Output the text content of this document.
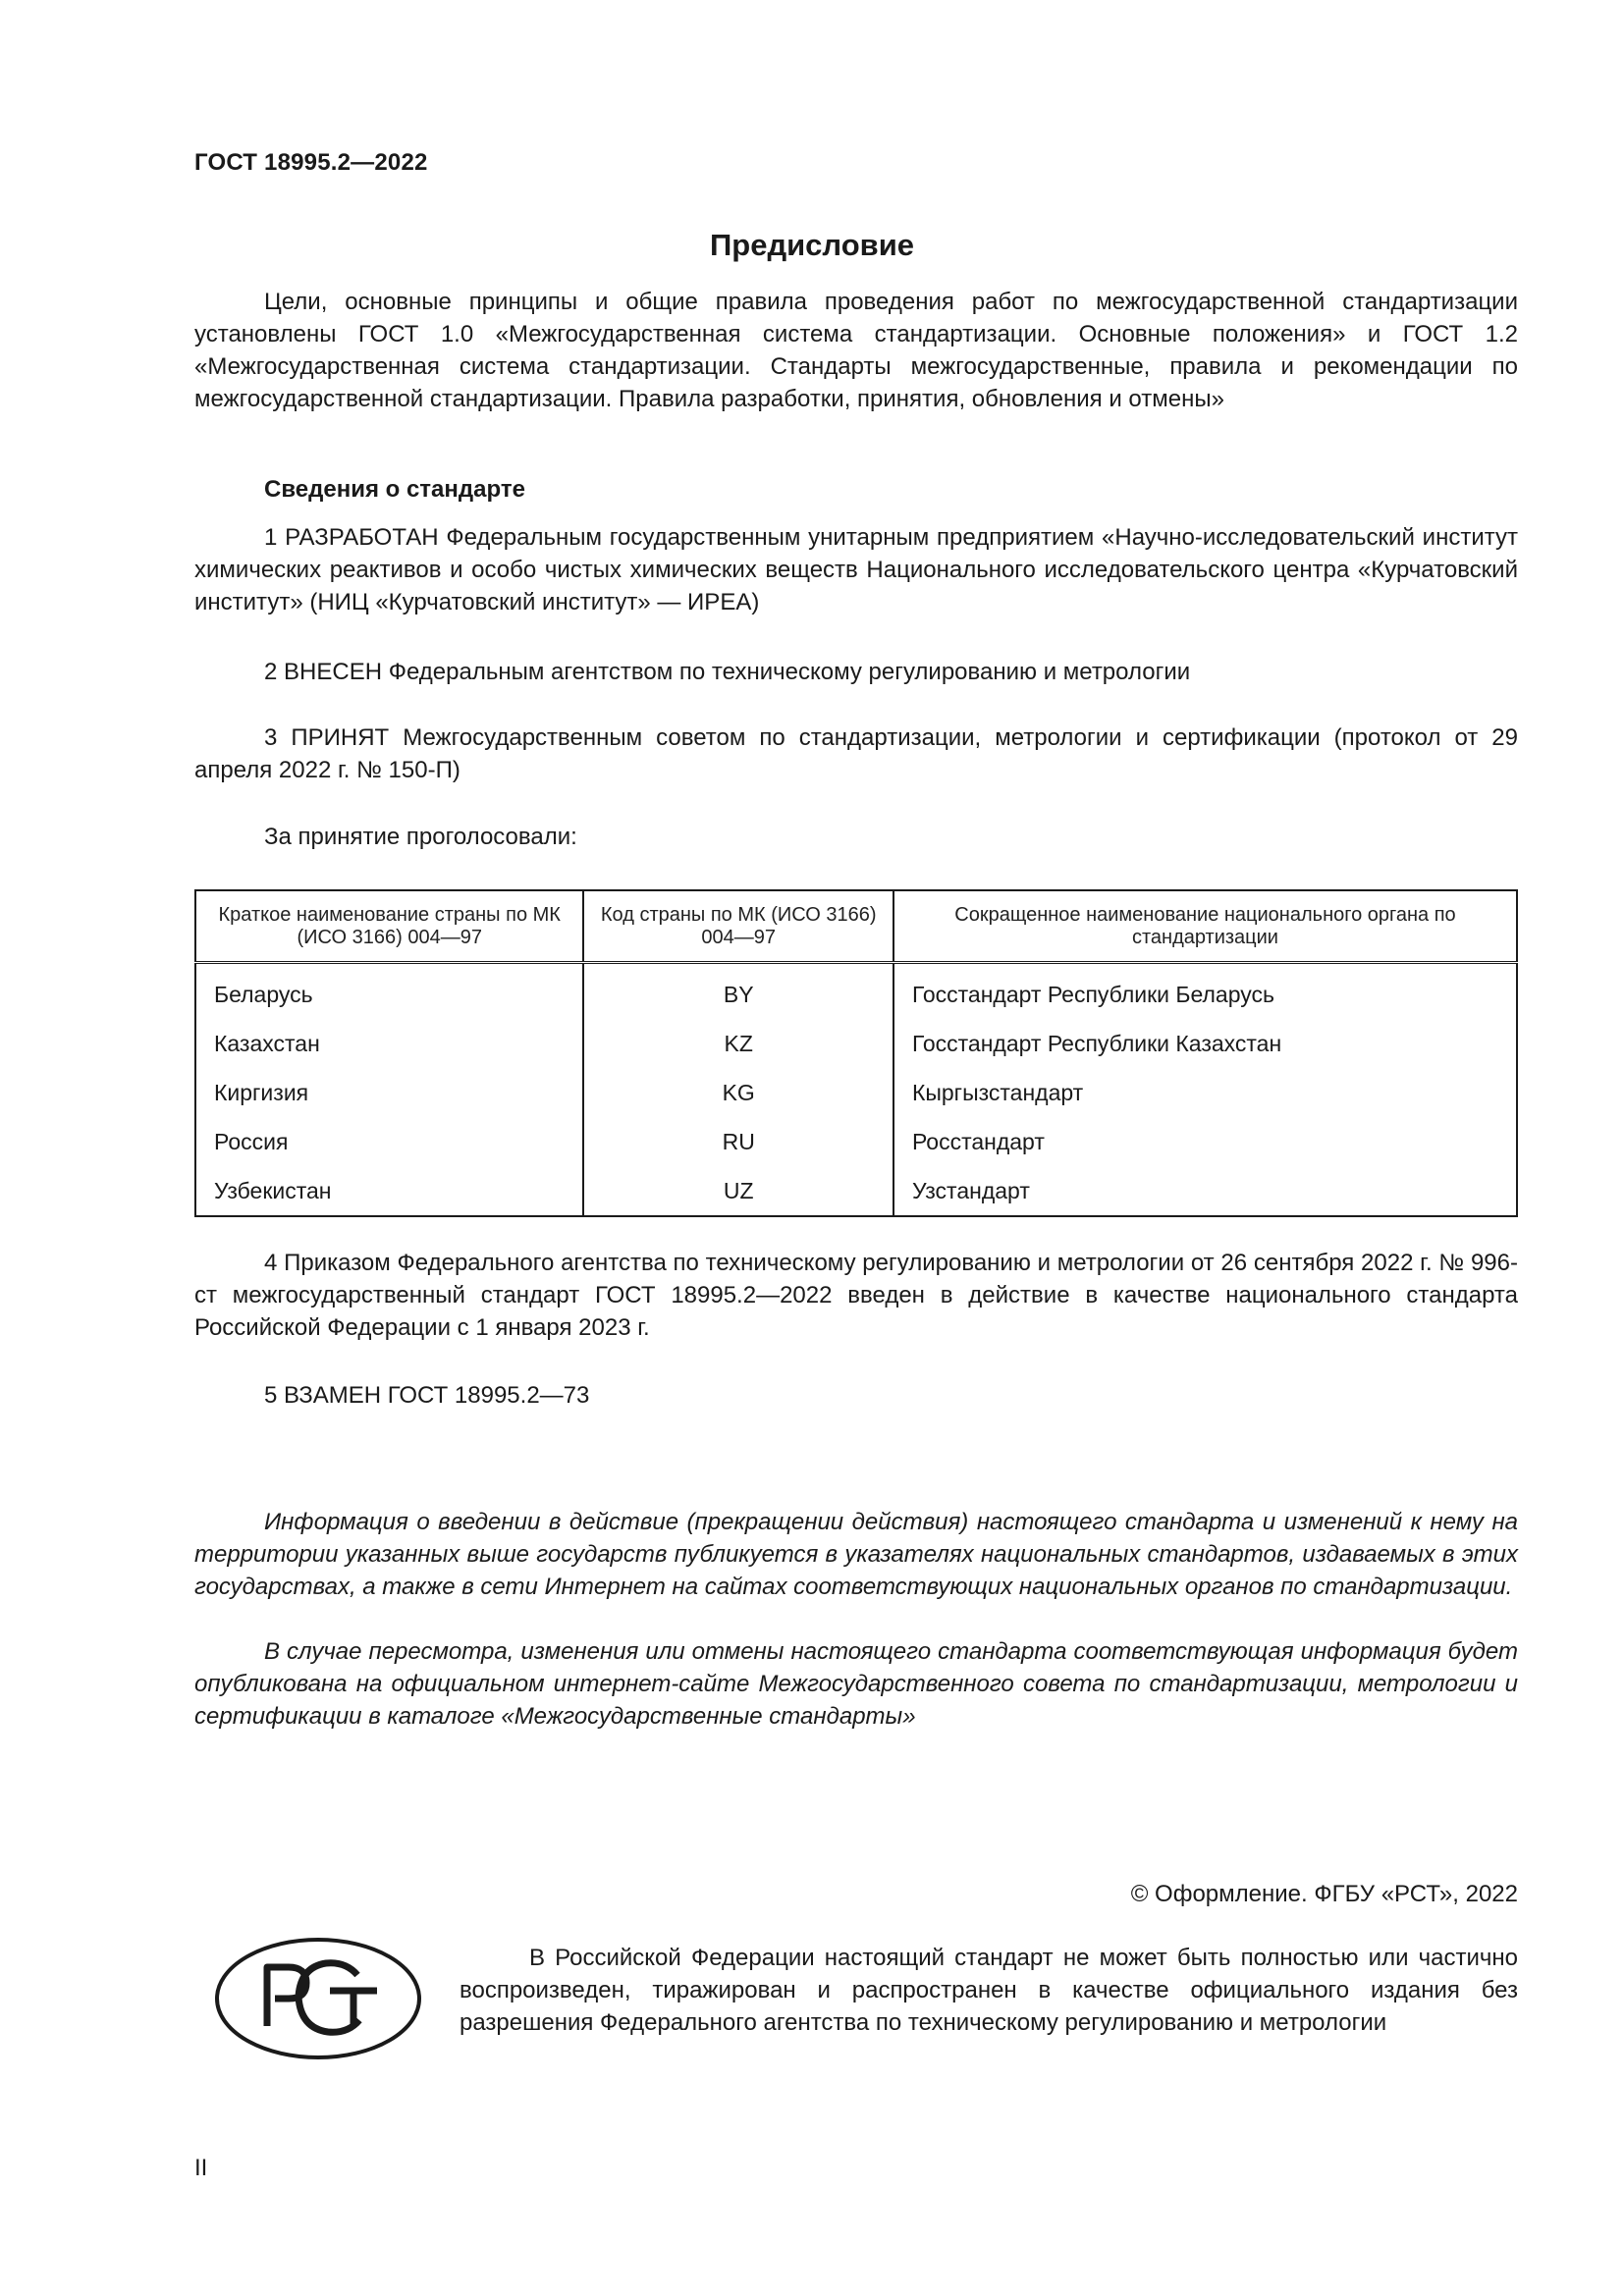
ГОСТ 18995.2—2022
Предисловие

Цели, основные принципы и общие правила проведения работ по межгосударственной стандартизации установлены ГОСТ 1.0 «Межгосударственная система стандартизации. Основные положения» и ГОСТ 1.2 «Межгосударственная система стандартизации. Стандарты межгосударственные, правила и рекомендации по межгосударственной стандартизации. Правила разработки, принятия, обновления и отмены»

Сведения о стандарте

1 РАЗРАБОТАН Федеральным государственным унитарным предприятием «Научно-исследовательский институт химических реактивов и особо чистых химических веществ Национального исследовательского центра «Курчатовский институт» (НИЦ «Курчатовский институт» — ИРЕА)

2 ВНЕСЕН Федеральным агентством по техническому регулированию и метрологии

3 ПРИНЯТ Межгосударственным советом по стандартизации, метрологии и сертификации (протокол от 29 апреля 2022 г. № 150-П)

За принятие проголосовали:

Краткое наименование страны по МК (ИСО 3166) 004—97	Код страны по МК (ИСО 3166) 004—97	Сокращенное наименование национального органа по стандартизации
Беларусь	BY	Госстандарт Республики Беларусь
Казахстан	KZ	Госстандарт Республики Казахстан
Киргизия	KG	Кыргызстандарт
Россия	RU	Росстандарт
Узбекистан	UZ	Узстандарт

4 Приказом Федерального агентства по техническому регулированию и метрологии от 26 сентября 2022 г. № 996-ст межгосударственный стандарт ГОСТ 18995.2—2022 введен в действие в качестве национального стандарта Российской Федерации с 1 января 2023 г.

5 ВЗАМЕН ГОСТ 18995.2—73

Информация о введении в действие (прекращении действия) настоящего стандарта и изменений к нему на территории указанных выше государств публикуется в указателях национальных стандартов, издаваемых в этих государствах, а также в сети Интернет на сайтах соответствующих национальных органов по стандартизации.

В случае пересмотра, изменения или отмены настоящего стандарта соответствующая информация будет опубликована на официальном интернет-сайте Межгосударственного совета по стандартизации, метрологии и сертификации в каталоге «Межгосударственные стандарты»

© Оформление. ФГБУ «РСТ», 2022

В Российской Федерации настоящий стандарт не может быть полностью или частично воспроизведен, тиражирован и распространен в качестве официального издания без разрешения Федерального агентства по техническому регулированию и метрологии

II
